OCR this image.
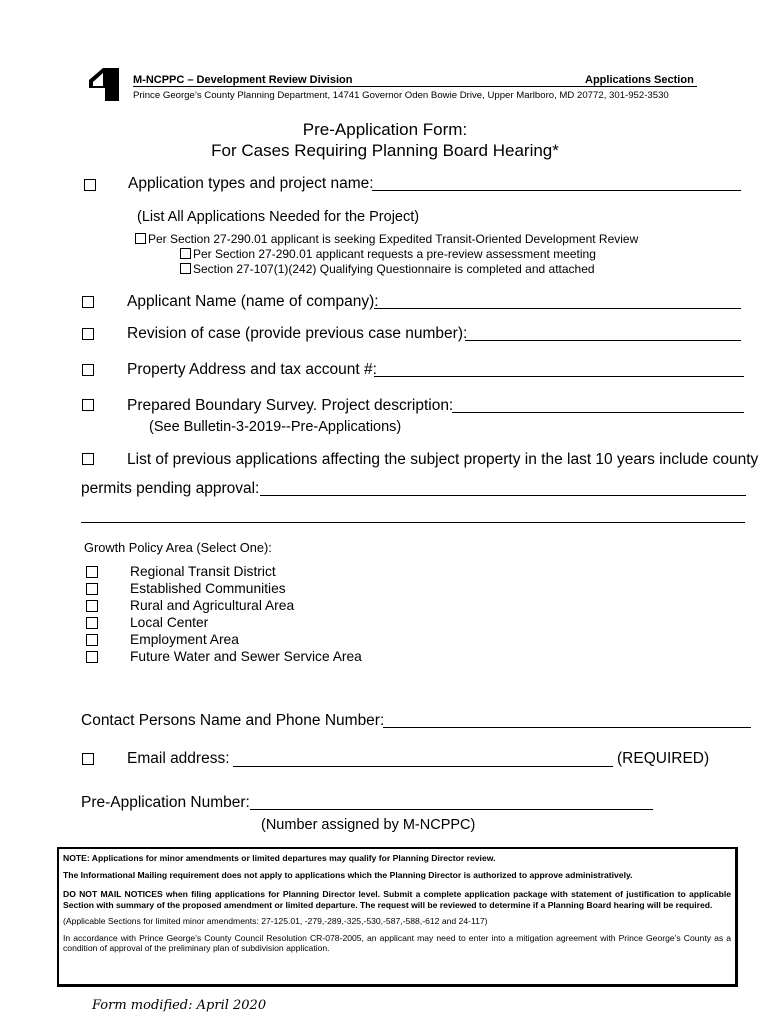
M-NCPPC – Development Review Division	Applications Section
Prince George’s County Planning Department, 14741 Governor Oden Bowie Drive, Upper Marlboro, MD 20772, 301-952-3530
Pre-Application Form:
For Cases Requiring Planning Board Hearing*
Application types and project name:
(List All Applications Needed for the Project)
Per Section 27-290.01 applicant is seeking Expedited Transit-Oriented Development Review
Per Section 27-290.01 applicant requests a pre-review assessment meeting
Section 27-107(1)(242) Qualifying Questionnaire is completed and attached
Applicant Name (name of company):
Revision of case (provide previous case number):
Property Address and tax account #:
Prepared Boundary Survey. Project description:
(See Bulletin-3-2019--Pre-Applications)
List of previous applications affecting the subject property in the last 10 years include county
permits pending approval:
Growth Policy Area (Select One):
Regional Transit District
Established Communities
Rural and Agricultural Area
Local Center
Employment Area
Future Water and Sewer Service Area
Contact Persons Name and Phone Number:
Email address:	(REQUIRED)
Pre-Application Number:
(Number assigned by M-NCPPC)

NOTE: Applications for minor amendments or limited departures may qualify for Planning Director review.

The Informational Mailing requirement does not apply to applications which the Planning Director is authorized to approve administratively.

DO NOT MAIL NOTICES when filing applications for Planning Director level. Submit a complete application package with statement of justification to applicable Section with summary of the proposed amendment or limited departure. The request will be reviewed to determine if a Planning Board hearing will be required.

(Applicable Sections for limited minor amendments: 27-125.01, -279,-289,-325,-530,-587,-588,-612 and 24-117)

In accordance with Prince George’s County Council Resolution CR-078-2005, an applicant may need to enter into a mitigation agreement with Prince George’s County as a condition of approval of the preliminary plan of subdivision application.

Form modified: April 2020
